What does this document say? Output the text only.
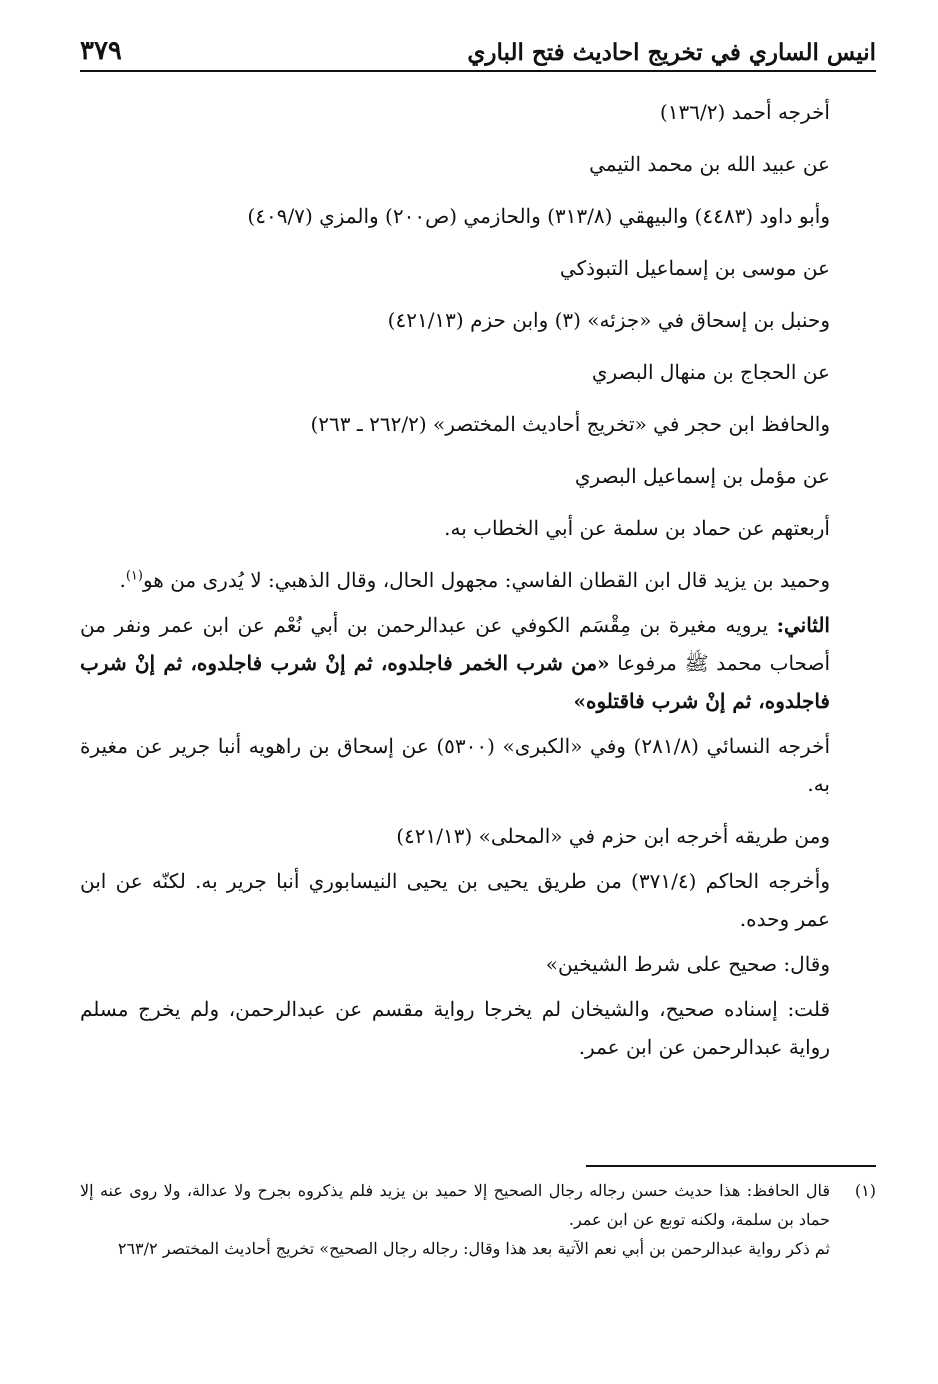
انيس الساري في تخريج احاديث فتح الباري
٣٧٩

أخرجه أحمد (١٣٦/٢)

عن عبيد الله بن محمد التيمي

وأبو داود (٤٤٨٣) والبيهقي (٣١٣/٨) والحازمي (ص٢٠٠) والمزي (٤٠٩/٧)

عن موسى بن إسماعيل التبوذكي

وحنبل بن إسحاق في «جزئه» (٣) وابن حزم (٤٢١/١٣)

عن الحجاج بن منهال البصري

والحافظ ابن حجر في «تخريج أحاديث المختصر» (٢٦٢/٢ ـ ٢٦٣)

عن مؤمل بن إسماعيل البصري

أربعتهم عن حماد بن سلمة عن أبي الخطاب به.

وحميد بن يزيد قال ابن القطان الفاسي: مجهول الحال، وقال الذهبي: لا يُدرى من هو$^{(١)}$.

الثاني: يرويه مغيرة بن مِقْسَم الكوفي عن عبدالرحمن بن أبي نُعْم عن ابن عمر ونفر من أصحاب محمد ﷺ مرفوعا «من شرب الخمر فاجلدوه، ثم إنْ شرب فاجلدوه، ثم إنْ شرب فاجلدوه، ثم إنْ شرب فاقتلوه»

أخرجه النسائي (٢٨١/٨) وفي «الكبرى» (٥٣٠٠) عن إسحاق بن راهويه أنبا جرير عن مغيرة به.

ومن طريقه أخرجه ابن حزم في «المحلى» (٤٢١/١٣)

وأخرجه الحاكم (٣٧١/٤) من طريق يحيى بن يحيى النيسابوري أنبا جرير به. لكنّه عن ابن عمر وحده.

وقال: صحيح على شرط الشيخين»

قلت: إسناده صحيح، والشيخان لم يخرجا رواية مقسم عن عبدالرحمن، ولم يخرج مسلم رواية عبدالرحمن عن ابن عمر.

(١)

قال الحافظ: هذا حديث حسن رجاله رجال الصحيح إلا حميد بن يزيد فلم يذكروه بجرح ولا عدالة، ولا روى عنه إلا حماد بن سلمة، ولكنه توبع عن ابن عمر.

ثم ذكر رواية عبدالرحمن بن أبي نعم الآتية بعد هذا وقال: رجاله رجال الصحيح» تخريج أحاديث المختصر ٢٦٣/٢
